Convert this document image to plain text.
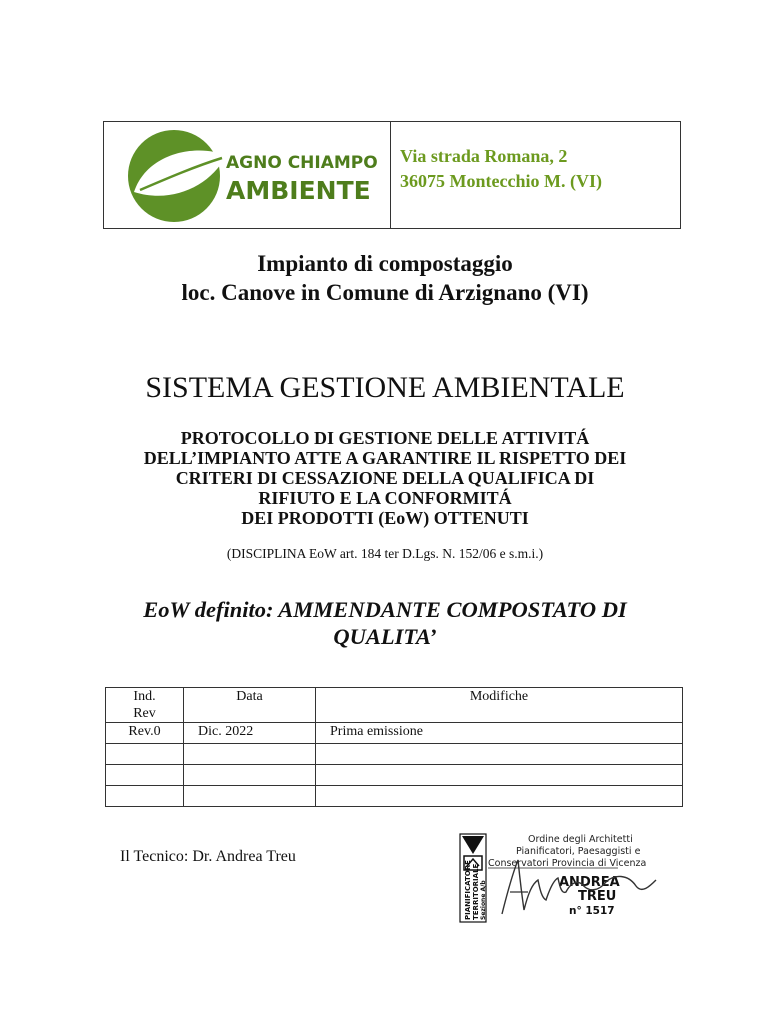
AGNO CHIAMPO
AMBIENTE
Via strada Romana, 2
36075 Montecchio M. (VI)
Impianto di compostaggio
loc. Canove in Comune di Arzignano (VI)
SISTEMA GESTIONE AMBIENTALE
PROTOCOLLO DI GESTIONE DELLE ATTIVITÁ
DELL’IMPIANTO ATTE A GARANTIRE IL RISPETTO DEI
CRITERI DI CESSAZIONE DELLA QUALIFICA DI
RIFIUTO E LA CONFORMITÁ
DEI PRODOTTI (EoW) OTTENUTI
(DISCIPLINA EoW art. 184 ter D.Lgs. N. 152/06 e s.m.i.)
EoW definito: AMMENDANTE COMPOSTATO DI
QUALITA’
Ind.
Rev	Data	Modifiche
Rev.0	Dic. 2022	Prima emissione

Il Tecnico: Dr. Andrea Treu
PIANIFICATORE TERRITORIALE Sezione A/b
Ordine degli Architetti
Pianificatori, Paesaggisti e
Conservatori Provincia di Vicenza
ANDREA
TREU
n° 1517
